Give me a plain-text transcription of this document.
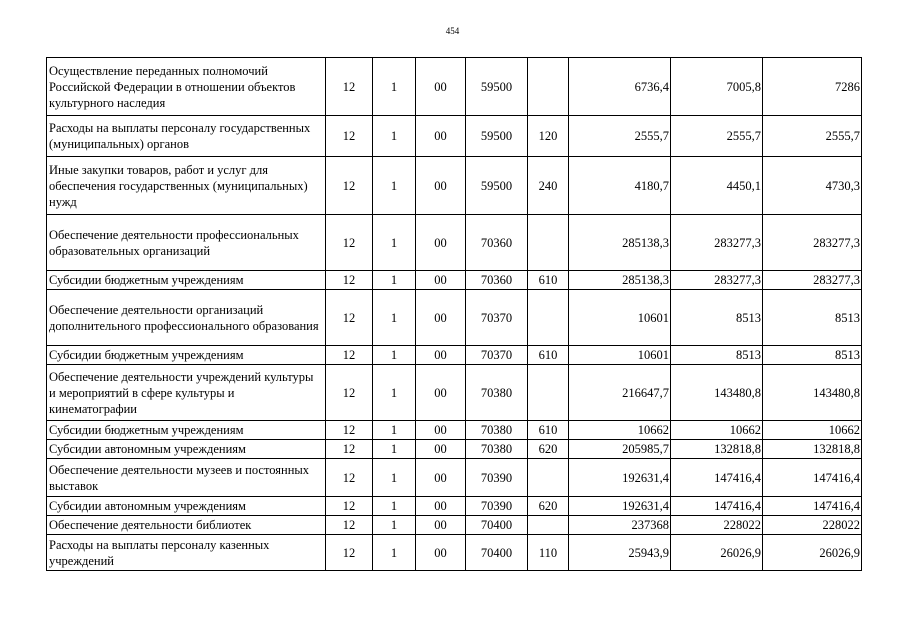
454
Осуществление переданных полномочий Российской Федерации в отношении объектов культурного наследия	12	1	00	59500		6736,4	7005,8	7286
Расходы на выплаты персоналу государственных (муниципальных) органов	12	1	00	59500	120	2555,7	2555,7	2555,7
Иные закупки товаров, работ и услуг для обеспечения государственных (муниципальных) нужд	12	1	00	59500	240	4180,7	4450,1	4730,3
Обеспечение деятельности профессиональных образовательных организаций	12	1	00	70360		285138,3	283277,3	283277,3
Субсидии бюджетным учреждениям	12	1	00	70360	610	285138,3	283277,3	283277,3
Обеспечение деятельности организаций дополнительного профессионального образования	12	1	00	70370		10601	8513	8513
Субсидии бюджетным учреждениям	12	1	00	70370	610	10601	8513	8513
Обеспечение деятельности учреждений культуры и мероприятий в сфере культуры и кинематографии	12	1	00	70380		216647,7	143480,8	143480,8
Субсидии бюджетным учреждениям	12	1	00	70380	610	10662	10662	10662
Субсидии автономным учреждениям	12	1	00	70380	620	205985,7	132818,8	132818,8
Обеспечение деятельности музеев и постоянных выставок	12	1	00	70390		192631,4	147416,4	147416,4
Субсидии автономным учреждениям	12	1	00	70390	620	192631,4	147416,4	147416,4
Обеспечение деятельности библиотек	12	1	00	70400		237368	228022	228022
Расходы на выплаты персоналу казенных учреждений	12	1	00	70400	110	25943,9	26026,9	26026,9
